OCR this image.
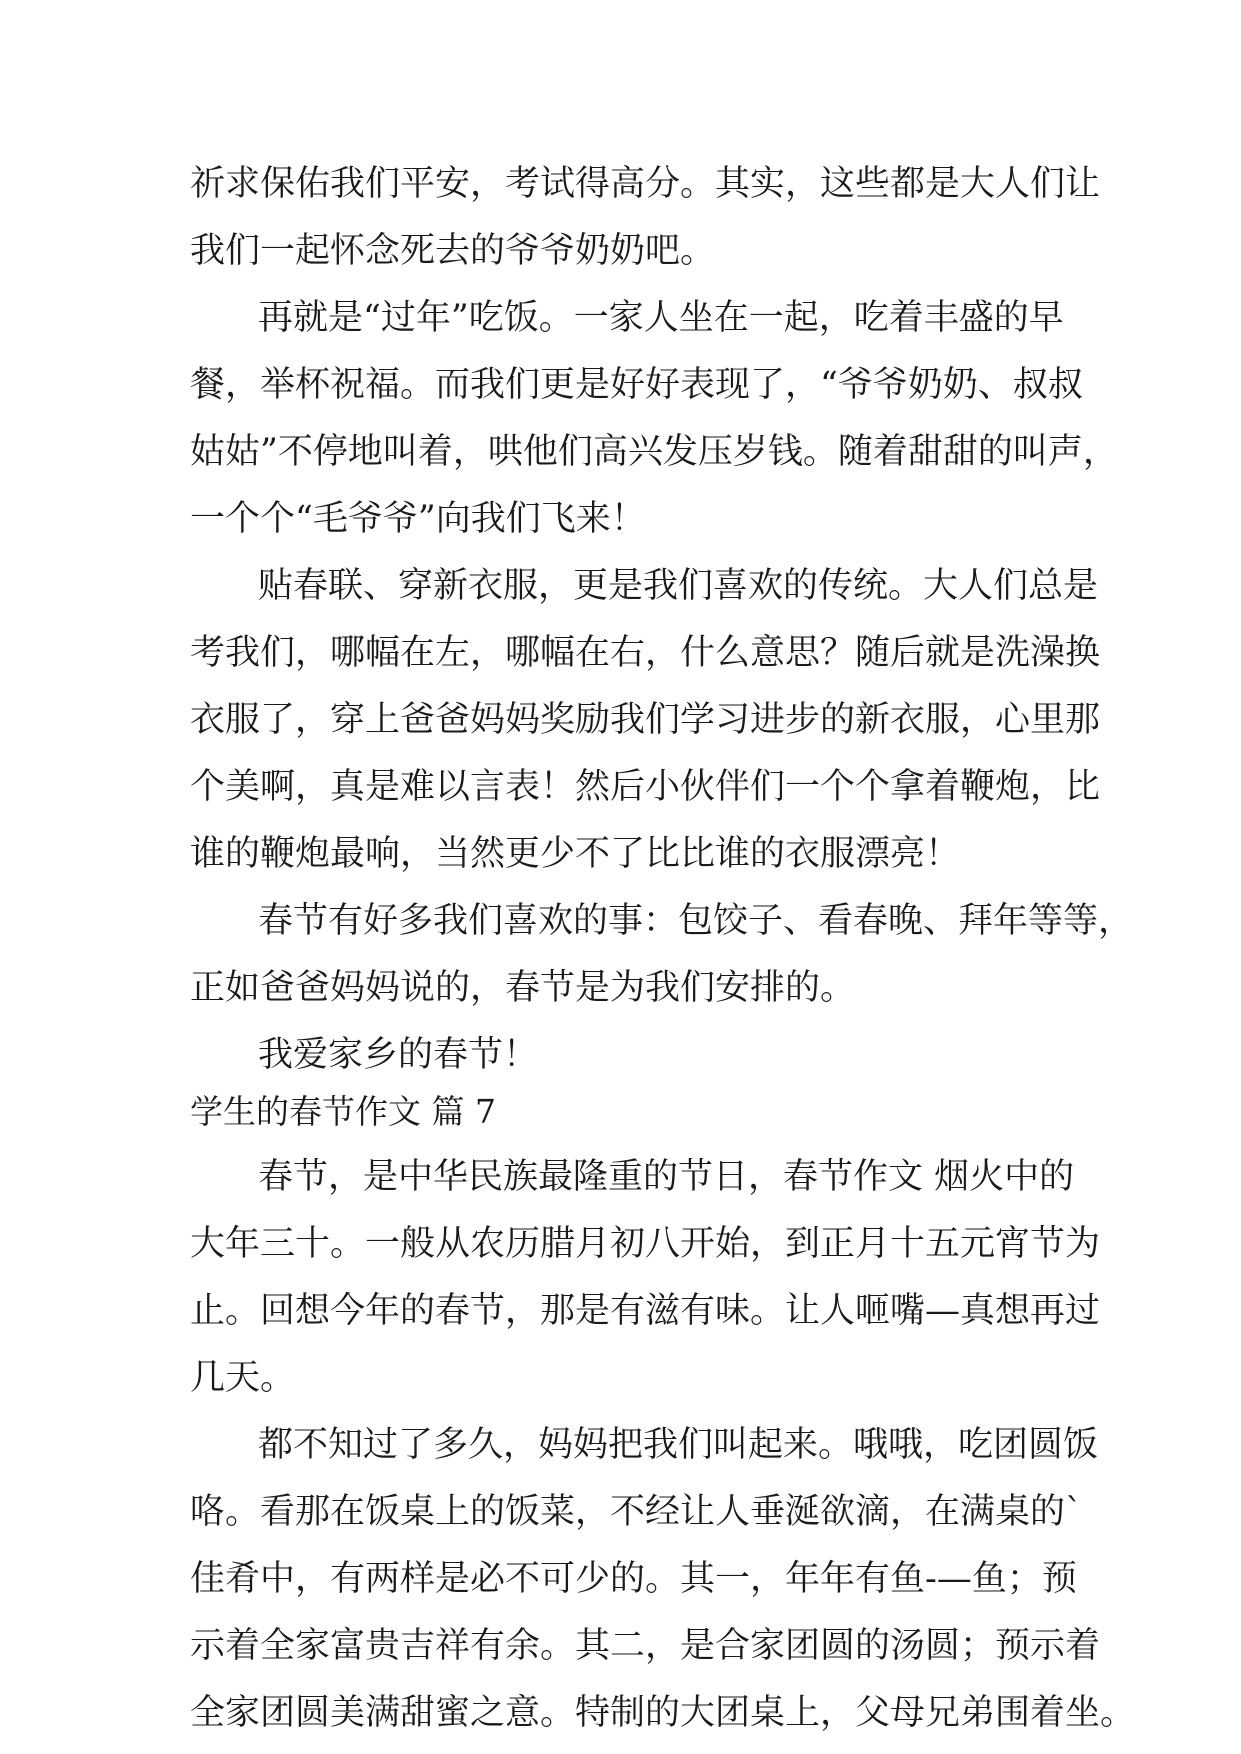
祈求保佑我们平安，考试得高分。其实，这些都是大人们让
我们一起怀念死去的爷爷奶奶吧。
再就是“过年”吃饭。一家人坐在一起，吃着丰盛的早
餐，举杯祝福。而我们更是好好表现了，“爷爷奶奶、叔叔
姑姑”不停地叫着，哄他们高兴发压岁钱。随着甜甜的叫声，
一个个“毛爷爷”向我们飞来！
贴春联、穿新衣服，更是我们喜欢的传统。大人们总是
考我们，哪幅在左，哪幅在右，什么意思？随后就是洗澡换
衣服了，穿上爸爸妈妈奖励我们学习进步的新衣服，心里那
个美啊，真是难以言表！然后小伙伴们一个个拿着鞭炮，比
谁的鞭炮最响，当然更少不了比比谁的衣服漂亮！
春节有好多我们喜欢的事：包饺子、看春晚、拜年等等，
正如爸爸妈妈说的，春节是为我们安排的。
我爱家乡的春节！
学生的春节作文 篇 7
春节，是中华民族最隆重的节日，春节作文 烟火中的
大年三十。一般从农历腊月初八开始，到正月十五元宵节为
止。回想今年的春节，那是有滋有味。让人咂嘴—真想再过
几天。
都不知过了多久，妈妈把我们叫起来。哦哦，吃团圆饭
咯。看那在饭桌上的饭菜，不经让人垂涎欲滴，在满桌的`
佳肴中，有两样是必不可少的。其一，年年有鱼-—鱼；预
示着全家富贵吉祥有余。其二，是合家团圆的汤圆；预示着
全家团圆美满甜蜜之意。特制的大团桌上，父母兄弟围着坐。
